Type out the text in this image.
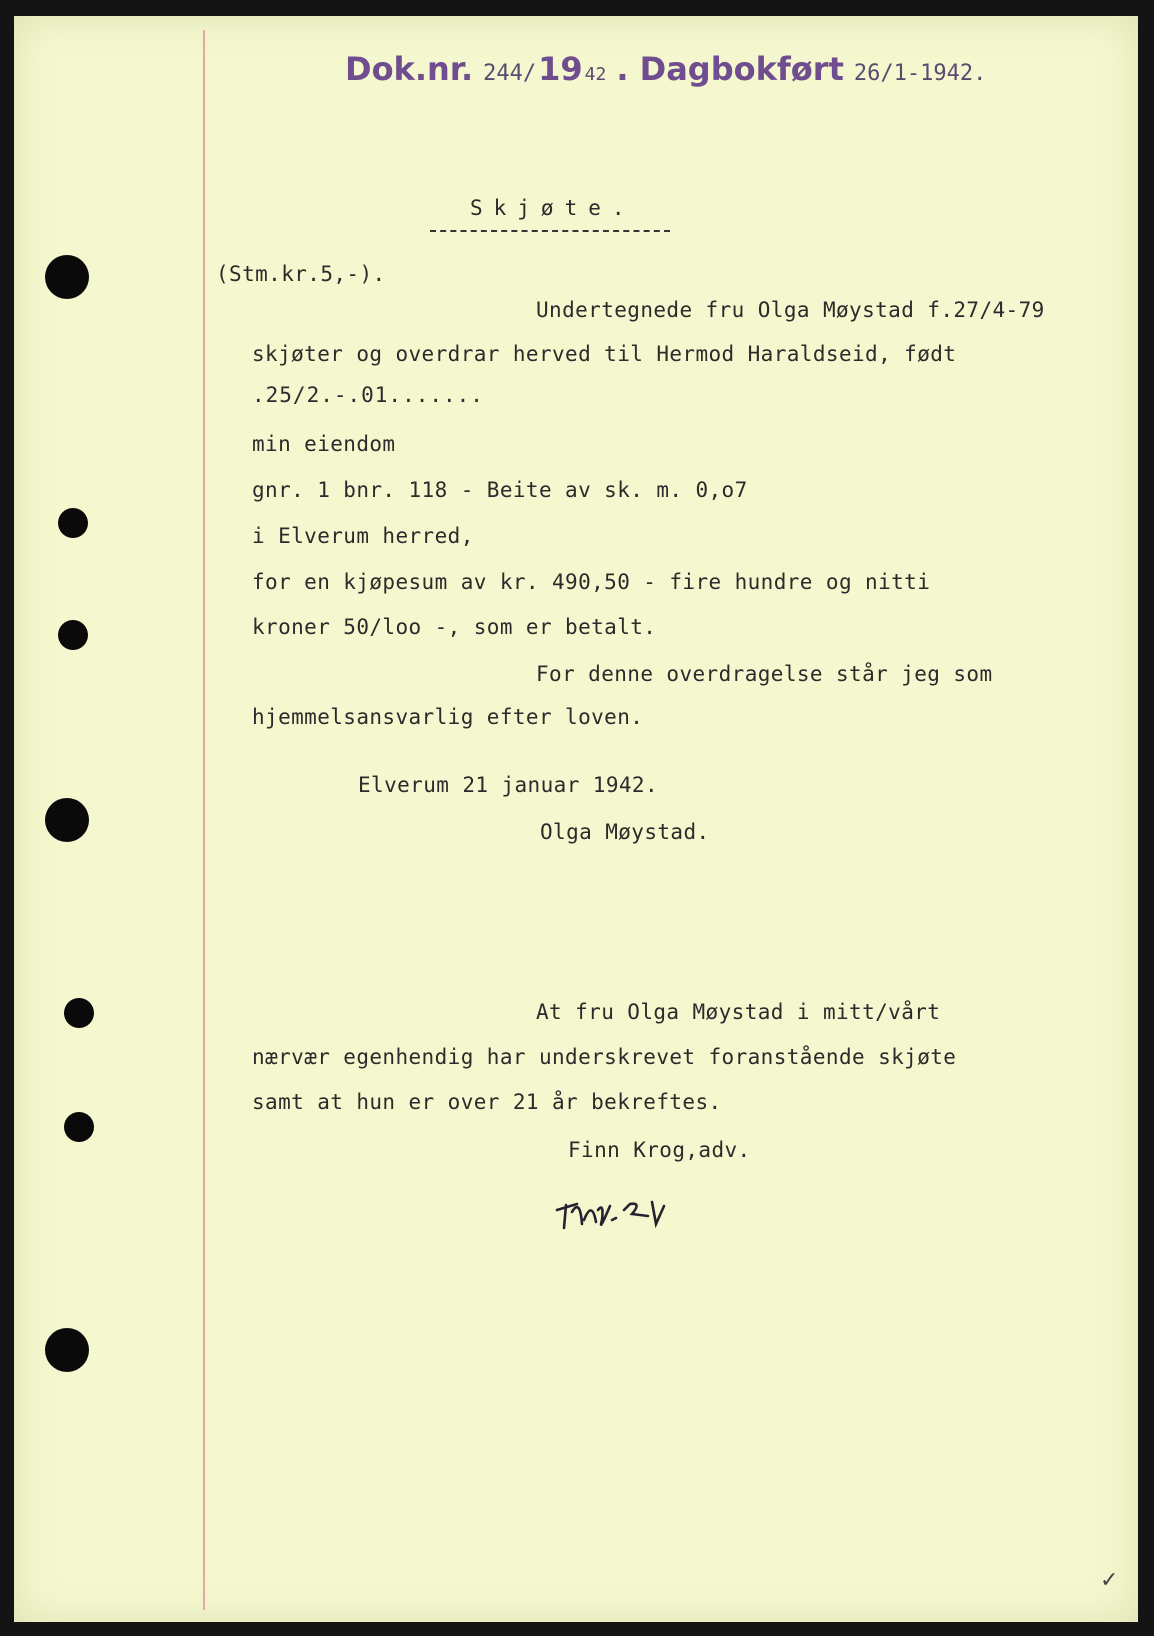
Dok.nr. 244/ 19 42 . Dagbokført 26/1-1942.
Skjøte.
(Stm.kr.5,-).
Undertegnede fru Olga Møystad f.27/4-79
skjøter og overdrar herved til Hermod Haraldseid, født
.25/2.-.01.......
min eiendom
gnr. 1 bnr. 118 - Beite av sk. m. 0,o7
i Elverum herred,
for en kjøpesum av kr. 490,50 - fire hundre og nitti
kroner 50/loo -, som er betalt.
For denne overdragelse står jeg som
hjemmelsansvarlig efter loven.
Elverum 21 januar 1942.
Olga Møystad.
At fru Olga Møystad i mitt/vårt
nærvær egenhendig har underskrevet foranstående skjøte
samt at hun er over 21 år bekreftes.
Finn Krog,adv.
✓
